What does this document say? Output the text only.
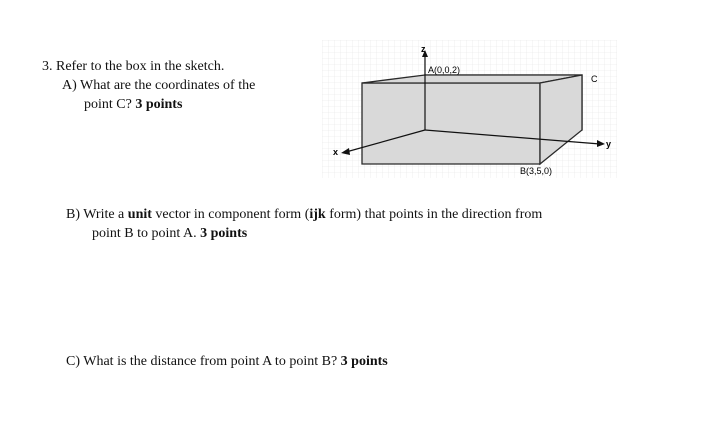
3. Refer to the box in the sketch.
A) What are the coordinates of the
point C? 3 points
z
y
x
A(0,0,2)
C
B(3,5,0)
B) Write a unit vector in component form (ijk form) that points in the direction from
point B to point A. 3 points
C) What is the distance from point A to point B? 3 points
